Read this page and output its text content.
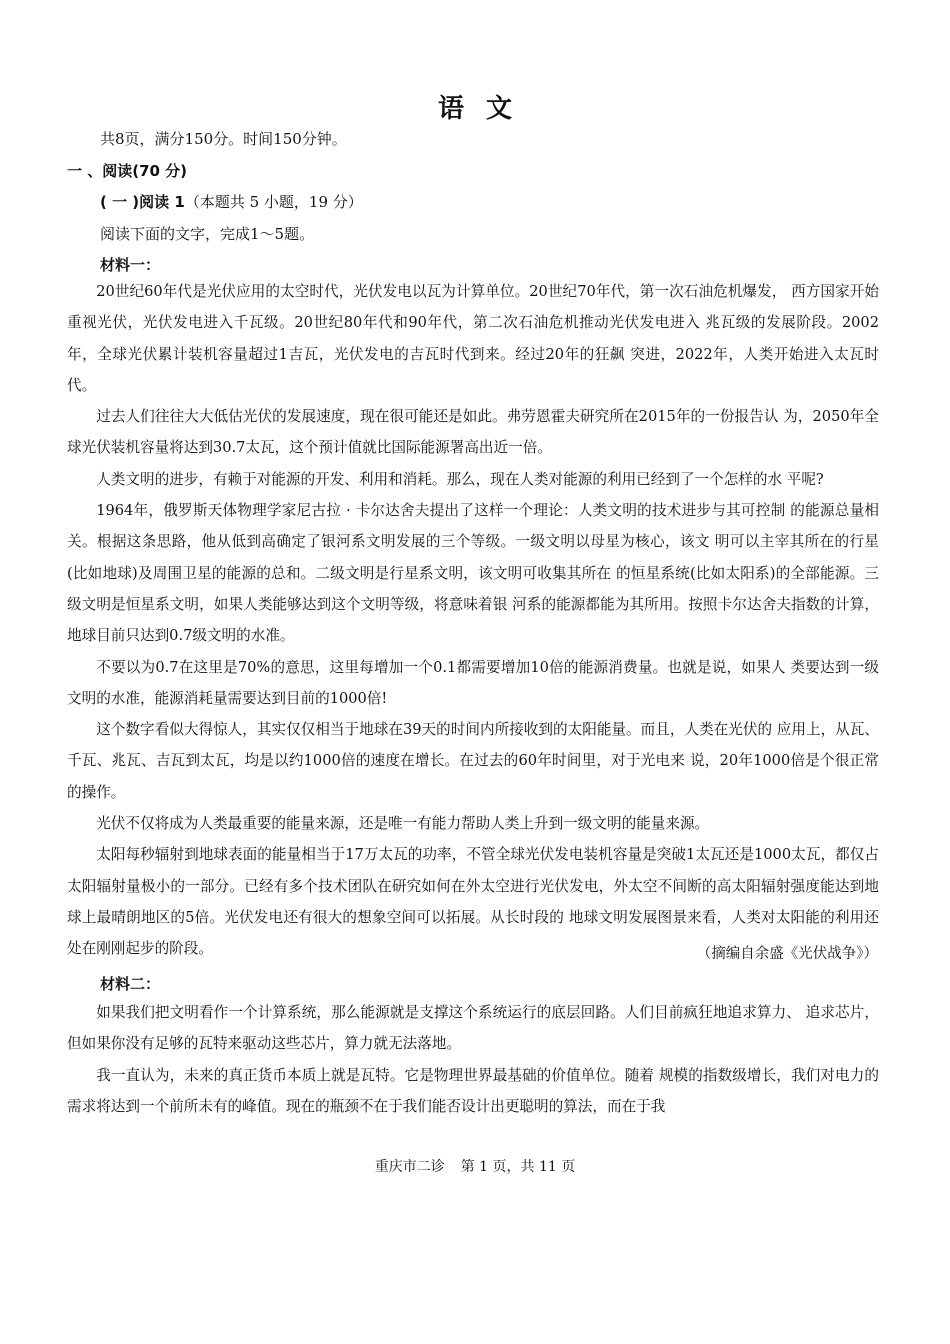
语文
共8页，满分150分。时间150分钟。
一 、阅读(70 分)
( 一 )阅读 1（本题共 5 小题，19 分）
阅读下面的文字，完成1～5题。
材料一：

20世纪60年代是光伏应用的太空时代，光伏发电以瓦为计算单位。20世纪70年代，第一次石油危机爆发， 西方国家开始重视光伏，光伏发电进入千瓦级。20世纪80年代和90年代，第二次石油危机推动光伏发电进入 兆瓦级的发展阶段。2002年，全球光伏累计装机容量超过1吉瓦，光伏发电的吉瓦时代到来。经过20年的狂飙 突进，2022年，人类开始进入太瓦时代。

过去人们往往大大低估光伏的发展速度，现在很可能还是如此。弗劳恩霍夫研究所在2015年的一份报告认 为，2050年全球光伏装机容量将达到30.7太瓦，这个预计值就比国际能源署高出近一倍。

人类文明的进步，有赖于对能源的开发、利用和消耗。那么，现在人类对能源的利用已经到了一个怎样的水 平呢?

1964年，俄罗斯天体物理学家尼古拉 · 卡尔达舍夫提出了这样一个理论：人类文明的技术进步与其可控制 的能源总量相关。根据这条思路，他从低到高确定了银河系文明发展的三个等级。一级文明以母星为核心，该文 明可以主宰其所在的行星(比如地球)及周围卫星的能源的总和。二级文明是行星系文明，该文明可收集其所在 的恒星系统(比如太阳系)的全部能源。三级文明是恒星系文明，如果人类能够达到这个文明等级，将意味着银 河系的能源都能为其所用。按照卡尔达舍夫指数的计算，地球目前只达到0.7级文明的水准。

不要以为0.7在这里是70%的意思，这里每增加一个0.1都需要增加10倍的能源消费量。也就是说，如果人 类要达到一级文明的水准，能源消耗量需要达到目前的1000倍!

这个数字看似大得惊人，其实仅仅相当于地球在39天的时间内所接收到的太阳能量。而且，人类在光伏的 应用上，从瓦、千瓦、兆瓦、吉瓦到太瓦，均是以约1000倍的速度在增长。在过去的60年时间里，对于光电来 说，20年1000倍是个很正常的操作。

光伏不仅将成为人类最重要的能量来源，还是唯一有能力帮助人类上升到一级文明的能量来源。

太阳每秒辐射到地球表面的能量相当于17万太瓦的功率，不管全球光伏发电装机容量是突破1太瓦还是1000太瓦，都仅占太阳辐射量极小的一部分。已经有多个技术团队在研究如何在外太空进行光伏发电，外太空不间断的高太阳辐射强度能达到地球上最晴朗地区的5倍。光伏发电还有很大的想象空间可以拓展。从长时段的 地球文明发展图景来看，人类对太阳能的利用还处在刚刚起步的阶段。	（摘编自余盛《光伏战争》）
材料二：

如果我们把文明看作一个计算系统，那么能源就是支撑这个系统运行的底层回路。人们目前疯狂地追求算力、 追求芯片，但如果你没有足够的瓦特来驱动这些芯片，算力就无法落地。

我一直认为，未来的真正货币本质上就是瓦特。它是物理世界最基础的价值单位。随着 规模的指数级增长，我们对电力的需求将达到一个前所未有的峰值。现在的瓶颈不在于我们能否设计出更聪明的算法，而在于我

重庆市二诊 第 1 页，共 11 页
